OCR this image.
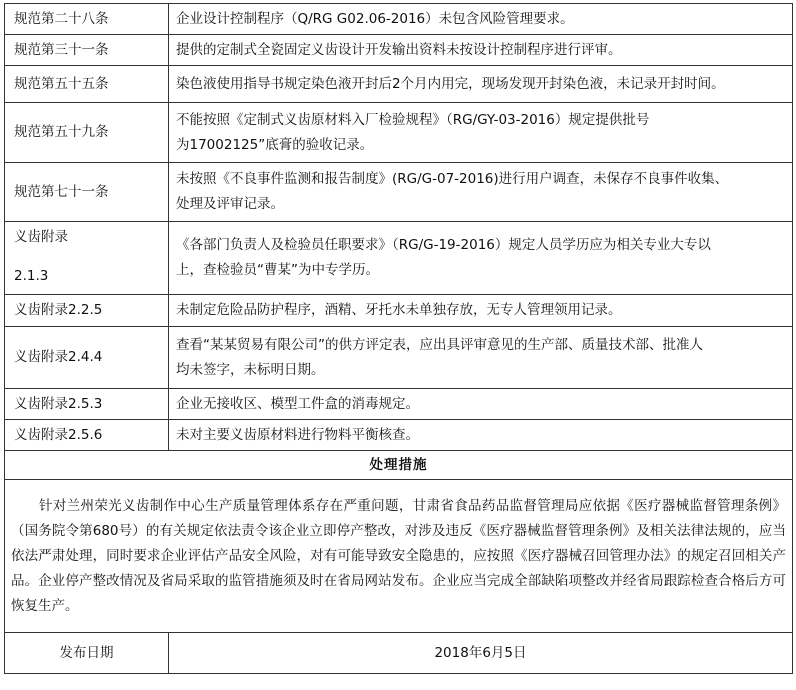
规范第二十八条	企业设计控制程序（Q/RG G02.06-2016）未包含风险管理要求。

规范第三十一条	提供的定制式全瓷固定义齿设计开发输出资料未按设计控制程序进行评审。

规范第五十五条	染色液使用指导书规定染色液开封后2个月内用完，现场发现开封染色液，未记录开封时间。

规范第五十九条	不能按照《定制式义齿原材料入厂检验规程》（RG/GY-03-2016）规定提供批号
为17002125”底膏的验收记录。

规范第七十一条	未按照《不良事件监测和报告制度》(RG/G-07-2016)进行用户调查，未保存不良事件收集、
处理及评审记录。

义齿附录
2.1.3	《各部门负责人及检验员任职要求》（RG/G-19-2016）规定人员学历应为相关专业大专以
上，查检验员“曹某”为中专学历。

义齿附录2.2.5	未制定危险品防护程序，酒精、牙托水未单独存放，无专人管理领用记录。

义齿附录2.4.4	查看“某某贸易有限公司”的供方评定表，应出具评审意见的生产部、质量技术部、批准人
均未签字，未标明日期。

义齿附录2.5.3	企业无接收区、模型工件盒的消毒规定。

义齿附录2.5.6	未对主要义齿原材料进行物料平衡核查。

处理措施	
针对兰州荣光义齿制作中心生产质量管理体系存在严重问题，甘肃省食品药品监督管理局应依据《医疗器械监督管理条例》（国务院令第680号）的有关规定依法责令该企业立即停产整改，对涉及违反《医疗器械监督管理条例》及相关法律法规的，应当依法严肃处理，同时要求企业评估产品安全风险，对有可能导致安全隐患的，应按照《医疗器械召回管理办法》的规定召回相关产品。企业停产整改情况及省局采取的监管措施须及时在省局网站发布。企业应当完成全部缺陷项整改并经省局跟踪检查合格后方可恢复生产。	
发布日期	2018年6月5日
